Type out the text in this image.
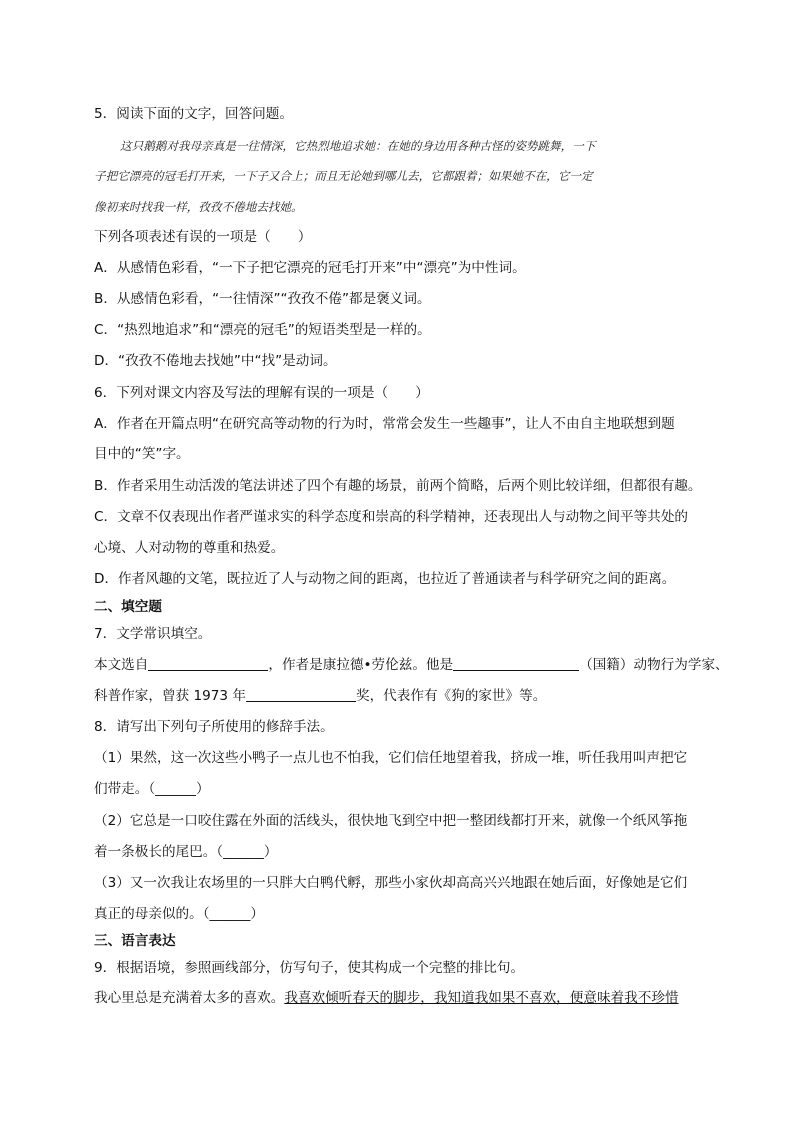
5．阅读下面的文字，回答问题。
这只鹅鹅对我母亲真是一往情深，它热烈地追求她：在她的身边用各种古怪的姿势跳舞，一下
子把它漂亮的冠毛打开来，一下子又合上；而且无论她到哪儿去，它都跟着；如果她不在，它一定
像初来时找我一样，孜孜不倦地去找她。
下列各项表述有误的一项是（　　）
A．从感情色彩看，“一下子把它漂亮的冠毛打开来”中“漂亮”为中性词。
B．从感情色彩看，“一往情深”“孜孜不倦”都是褒义词。
C．“热烈地追求”和“漂亮的冠毛”的短语类型是一样的。
D．“孜孜不倦地去找她”中“找”是动词。
6．下列对课文内容及写法的理解有误的一项是（　　）
A．作者在开篇点明“在研究高等动物的行为时，常常会发生一些趣事”，让人不由自主地联想到题
目中的“笑”字。
B．作者采用生动活泼的笔法讲述了四个有趣的场景，前两个简略，后两个则比较详细，但都很有趣。
C．文章不仅表现出作者严谨求实的科学态度和崇高的科学精神，还表现出人与动物之间平等共处的
心境、人对动物的尊重和热爱。
D．作者风趣的文笔，既拉近了人与动物之间的距离，也拉近了普通读者与科学研究之间的距离。
二、填空题
7．文学常识填空。
本文选自	，作者是康拉德•劳伦兹。他是	（国籍）动物行为学家、
科普作家，曾获 1973 年	奖，代表作有《狗的家世》等。
8．请写出下列句子所使用的修辞手法。
（1）果然，这一次这些小鸭子一点儿也不怕我，它们信任地望着我，挤成一堆，听任我用叫声把它
们带走。（______）
（2）它总是一口咬住露在外面的活线头，很快地飞到空中把一整团线都打开来，就像一个纸风筝拖
着一条极长的尾巴。（______）
（3）又一次我让农场里的一只胖大白鸭代孵，那些小家伙却高高兴兴地跟在她后面，好像她是它们
真正的母亲似的。（______）
三、语言表达
9．根据语境，参照画线部分，仿写句子，使其构成一个完整的排比句。
我心里总是充满着太多的喜欢。我喜欢倾听春天的脚步，我知道我如果不喜欢，便意味着我不珍惜
